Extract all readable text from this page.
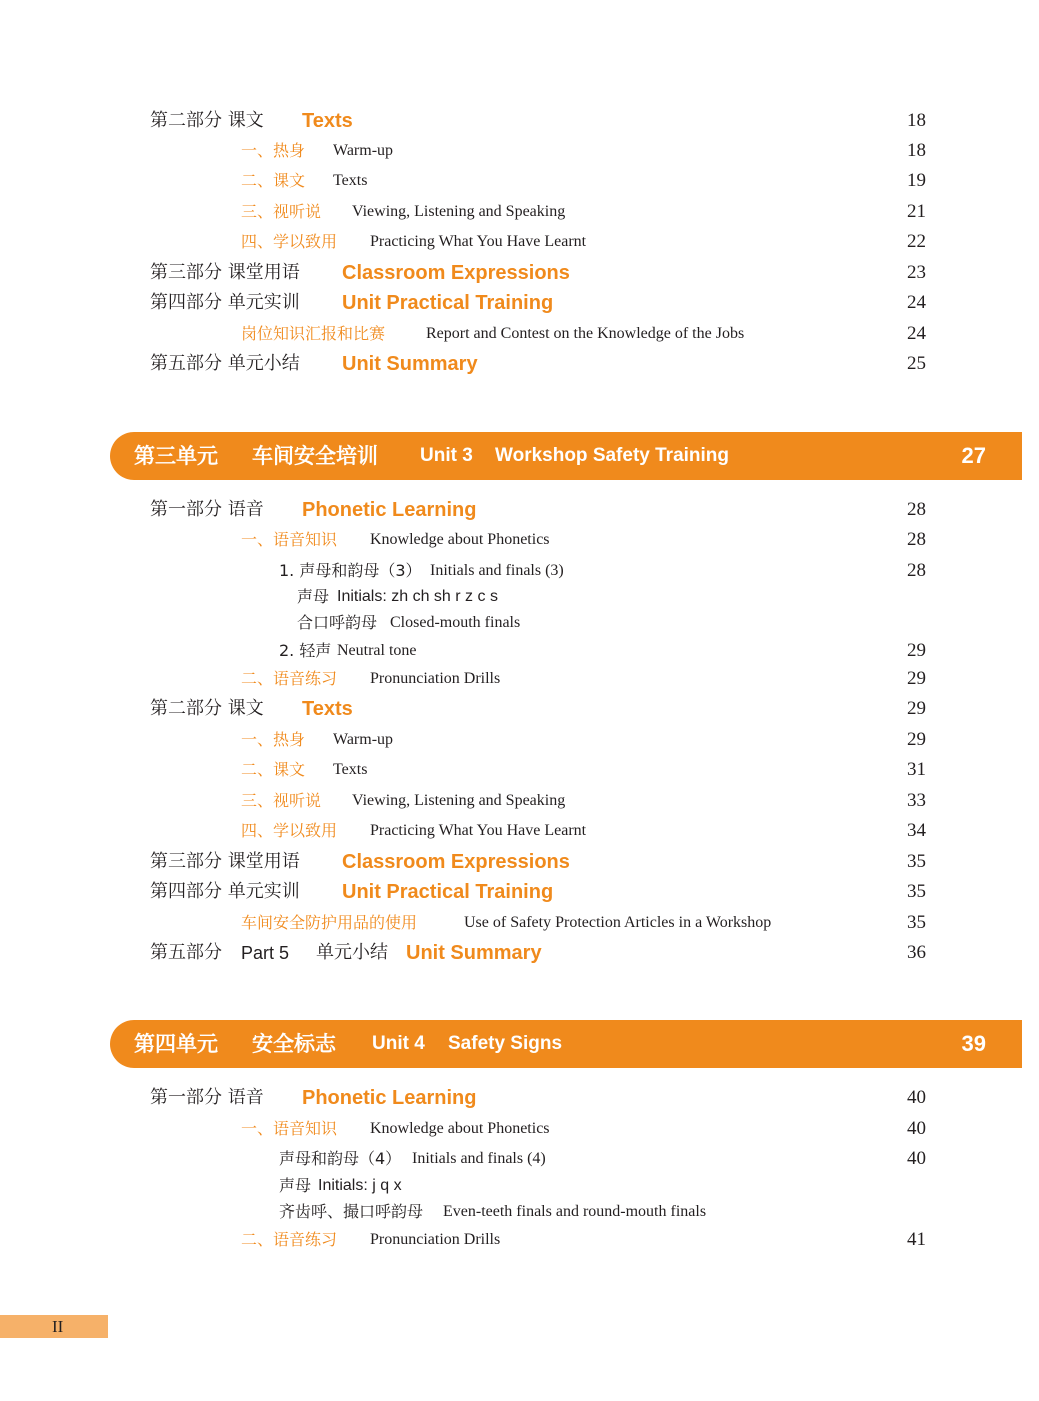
第二部分 课文 Texts	18
一、热身 Warm-up	18
二、课文 Texts	19
三、视听说 Viewing, Listening and Speaking	21
四、学以致用 Practicing What You Have Learnt	22
第三部分 课堂用语 Classroom Expressions	23
第四部分 单元实训 Unit Practical Training	24
岗位知识汇报和比赛	Report and Contest on the Knowledge of the Jobs	24
第五部分 单元小结 Unit Summary	25
第三单元 车间安全培训 Unit 3 Workshop Safety Training	27
第一部分 语音 Phonetic Learning	28
一、语音知识 Knowledge about Phonetics	28
1. 声母和韵母（3） Initials and finals (3)	28
声母 Initials: zh ch sh r z c s
合口呼韵母 Closed-mouth finals
2. 轻声 Neutral tone	29
二、语音练习 Pronunciation Drills	29
第二部分 课文 Texts	29
一、热身 Warm-up	29
二、课文 Texts	31
三、视听说 Viewing, Listening and Speaking	33
四、学以致用 Practicing What You Have Learnt	34
第三部分 课堂用语 Classroom Expressions	35
第四部分 单元实训 Unit Practical Training	35
车间安全防护用品的使用	Use of Safety Protection Articles in a Workshop	35
第五部分 Part 5 单元小结 Unit Summary	36
第四单元 安全标志 Unit 4 Safety Signs	39
第一部分 语音 Phonetic Learning	40
一、语音知识 Knowledge about Phonetics	40
声母和韵母（4） Initials and finals (4)	40
声母 Initials: j q x
齐齿呼、撮口呼韵母 Even-teeth finals and round-mouth finals
二、语音练习 Pronunciation Drills	41
II
